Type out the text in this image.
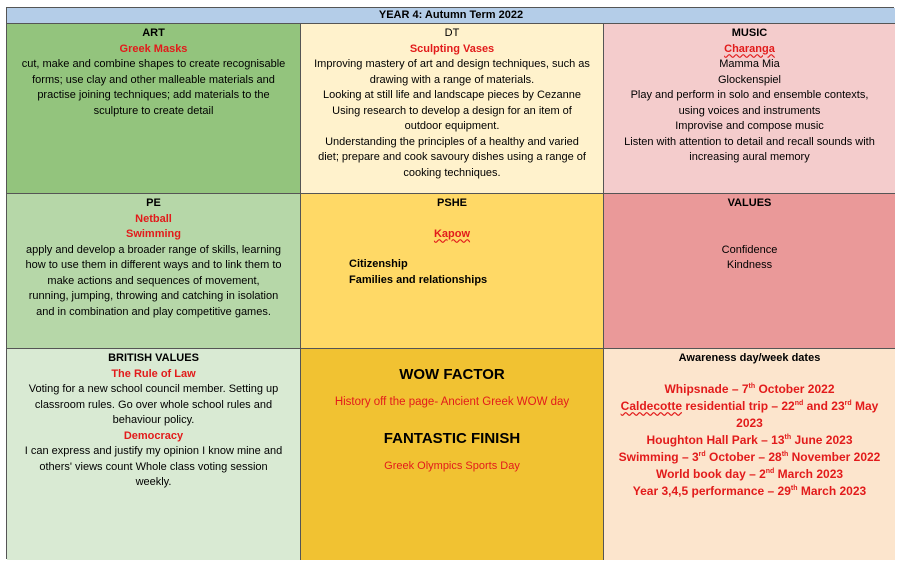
YEAR 4: Autumn Term 2022
ART
Greek Masks
cut, make and combine shapes to create recognisable
forms; use clay and other malleable materials and
practise joining techniques; add materials to the
sculpture to create detail
DT
Sculpting Vases
Improving mastery of art and design techniques, such as
drawing with a range of materials.
Looking at still life and landscape pieces by Cezanne
Using research to develop a design for an item of
outdoor equipment.
Understanding the principles of a healthy and varied
diet; prepare and cook savoury dishes using a range of
cooking techniques.
MUSIC
Charanga
Mamma Mia
Glockenspiel
Play and perform in solo and ensemble contexts,
using voices and instruments
Improvise and compose music
Listen with attention to detail and recall sounds with
increasing aural memory
PE
Netball
Swimming
apply and develop a broader range of skills, learning
how to use them in different ways and to link them to
make actions and sequences of movement,
running, jumping, throwing and catching in isolation
and in combination and play competitive games.
PSHE
Kapow
Citizenship
Families and relationships
VALUES
Confidence
Kindness
BRITISH VALUES
The Rule of Law
Voting for a new school council member. Setting up
classroom rules. Go over whole school rules and
behaviour policy.
Democracy
I can express and justify my opinion I know mine and
others' views count Whole class voting session
weekly.
WOW FACTOR
History off the page- Ancient Greek WOW day
FANTASTIC FINISH
Greek Olympics Sports Day
Awareness day/week dates
Whipsnade – 7th October 2022
Caldecotte residential trip – 22nd and 23rd May
2023
Houghton Hall Park – 13th June 2023
Swimming – 3rd October – 28th November 2022
World book day – 2nd March 2023
Year 3,4,5 performance – 29th March 2023
